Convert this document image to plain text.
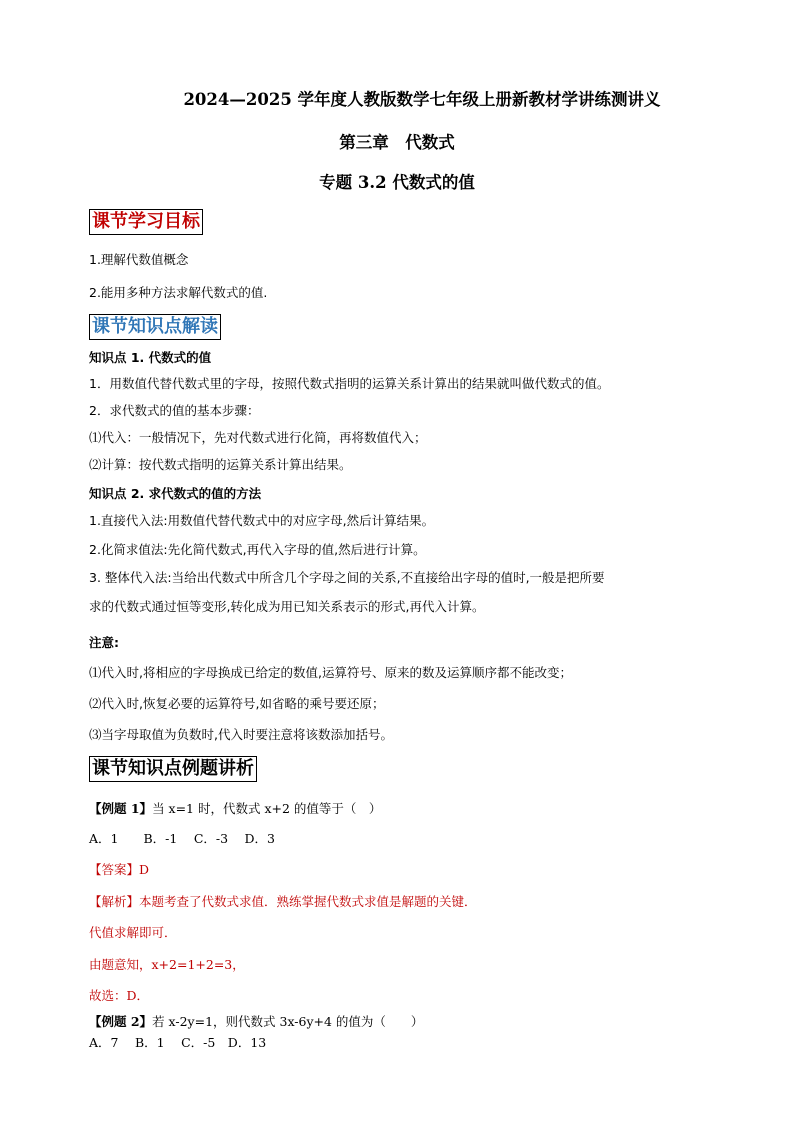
2024—2025 学年度人教版数学七年级上册新教材学讲练测讲义
第三章　代数式
专题 3.2 代数式的值
课节学习目标
1.理解代数值概念
2.能用多种方法求解代数式的值.
课节知识点解读
知识点 1. 代数式的值
1．用数值代替代数式里的字母，按照代数式指明的运算关系计算出的结果就叫做代数式的值。
2．求代数式的值的基本步骤：
⑴代入：一般情况下，先对代数式进行化简，再将数值代入；
⑵计算：按代数式指明的运算关系计算出结果。
知识点 2. 求代数式的值的方法
1.直接代入法:用数值代替代数式中的对应字母,然后计算结果。
2.化简求值法:先化简代数式,再代入字母的值,然后进行计算。
3. 整体代入法:当给出代数式中所含几个字母之间的关系,不直接给出字母的值时,一般是把所要
求的代数式通过恒等变形,转化成为用已知关系表示的形式,再代入计算。
注意:
⑴代入时,将相应的字母换成已给定的数值,运算符号、原来的数及运算顺序都不能改变；
⑵代入时,恢复必要的运算符号,如省略的乘号要还原；
⑶当字母取值为负数时,代入时要注意将该数添加括号。
课节知识点例题讲析
【例题 1】当 x=1 时，代数式 x+2 的值等于（　）
A．1　　B．-1　 C．-3　 D．3
【答案】D
【解析】本题考查了代数式求值．熟练掌握代数式求值是解题的关键．
代值求解即可．
由题意知，x+2=1+2=3，
故选：D．
【例题 2】若 x-2y=1，则代数式 3x-6y+4 的值为（　　）
A．7　 B．1　 C．-5　D．13
